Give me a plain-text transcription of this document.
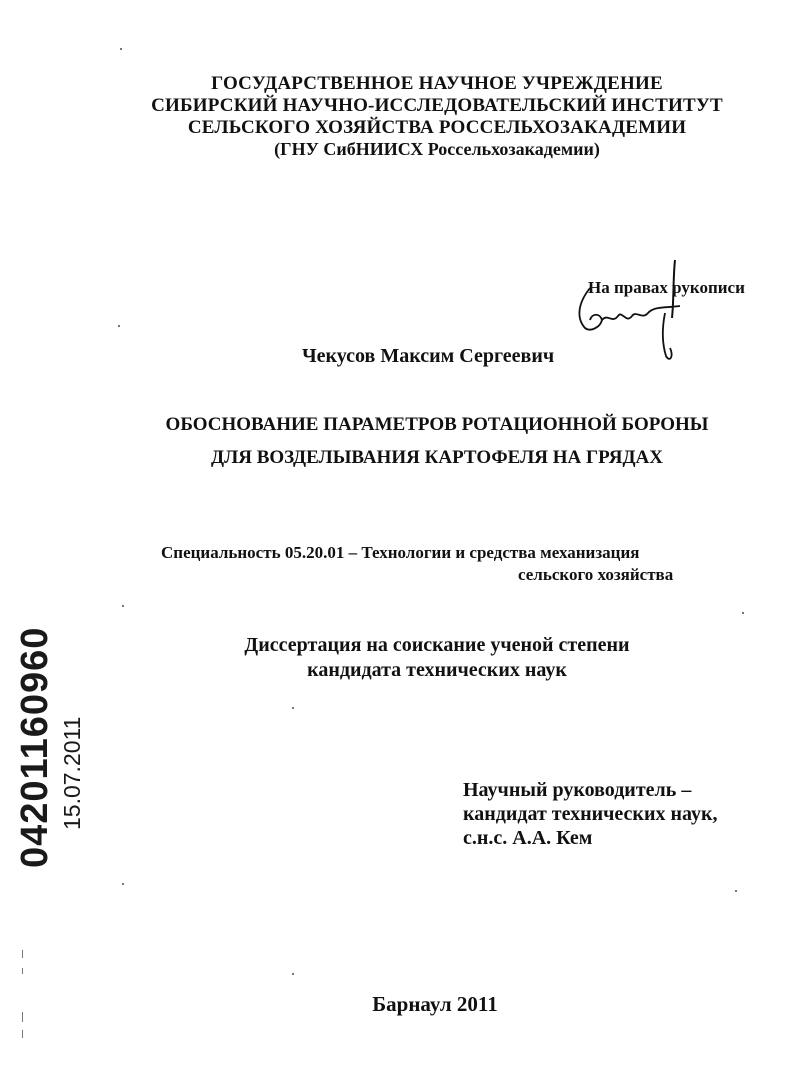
ГОСУДАРСТВЕННОЕ НАУЧНОЕ УЧРЕЖДЕНИЕ
СИБИРСКИЙ НАУЧНО-ИССЛЕДОВАТЕЛЬСКИЙ ИНСТИТУТ
СЕЛЬСКОГО ХОЗЯЙСТВА РОССЕЛЬХОЗАКАДЕМИИ
(ГНУ СибНИИСХ Россельхозакадемии)
На правах рукописи
Чекусов Максим Сергеевич
ОБОСНОВАНИЕ ПАРАМЕТРОВ РОТАЦИОННОЙ БОРОНЫ
ДЛЯ ВОЗДЕЛЫВАНИЯ КАРТОФЕЛЯ НА ГРЯДАХ
Специальность 05.20.01 – Технологии и средства механизация
сельского хозяйства
Диссертация на соискание ученой степени
кандидата технических наук
Научный руководитель –
кандидат технических наук,
с.н.с. А.А. Кем
Барнаул 2011
04201160960 15.07.2011
